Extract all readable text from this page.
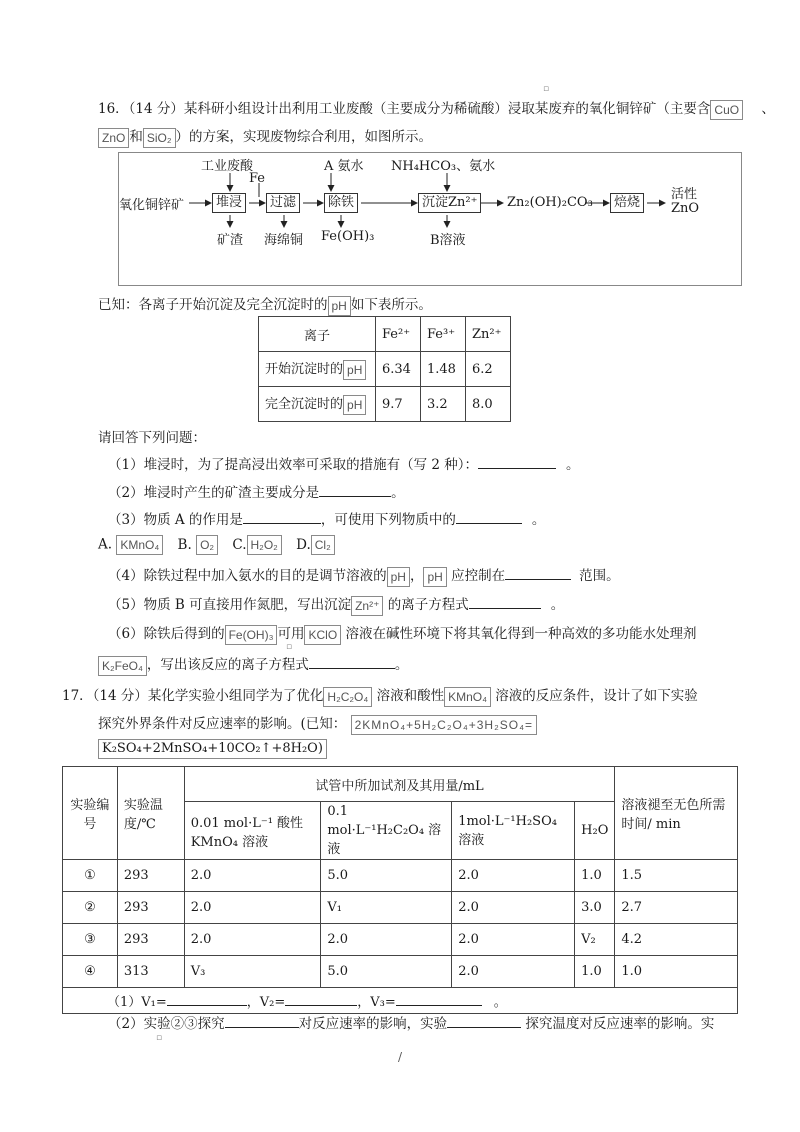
16．（14 分）某科研小组设计出利用工业废酸（主要成分为稀硫酸）浸取某废弃的氧化铜锌矿（主要含 CuO 、
▫
ZnO 和 SiO₂ ）的方案，实现废物综合利用，如图所示。
工业废酸
Fe
A 氨水 NH₄HCO₃、氨水
氧化铜锌矿	堆浸	过滤	除铁	沉淀Zn²⁺	Zn₂(OH)₂CO₃	焙烧
活性
ZnO
矿渣 海绵铜 Fe(OH)₃	B溶液
已知：各离子开始沉淀及完全沉淀时的 pH 如下表所示。
离子	Fe²⁺	Fe³⁺	Zn²⁺
开始沉淀时的 pH	6.34	1.48	6.2
完全沉淀时的 pH	9.7	3.2	8.0
请回答下列问题：
（1）堆浸时，为了提高浸出效率可采取的措施有（写 2 种）：	。
（2）堆浸时产生的矿渣主要成分是	。
（3）物质 A 的作用是	，可使用下列物质中的	。
A. KMnO₄ B. O₂ C. H₂O₂ D. Cl₂
（4）除铁过程中加入氨水的目的是调节溶液的 pH ， pH 应控制在	范围。
（5）物质 B 可直接用作氮肥，写出沉淀 Zn²⁺ 的离子方程式	。
（6）除铁后得到的 Fe(OH)₃ 可用 KClO 溶液在碱性环境下将其氧化得到一种高效的多功能水处理剂
▫
K₂FeO₄ ，写出该反应的离子方程式	。
17．（14 分）某化学实验小组同学为了优化 H₂C₂O₄ 溶液和酸性 KMnO₄ 溶液的反应条件，设计了如下实验
探究外界条件对反应速率的影响。(已知： 2KMnO₄+5H₂C₂O₄+3H₂SO₄=
K₂SO₄+2MnSO₄+10CO₂↑+8H₂O)
实验编号	实验温度/℃	试管中所加试剂及其用量/mL				溶液褪至无色所需时间/ min
		0.01 mol·L⁻¹ 酸性 KMnO₄ 溶液	0.1 mol·L⁻¹H₂C₂O₄ 溶液	1mol·L⁻¹H₂SO₄ 溶液	H₂O	
①	293	2.0	5.0	2.0	1.0	1.5
②	293	2.0	V₁	2.0	3.0	2.7
③	293	2.0	2.0	2.0	V₂	4.2
④	313	V₃	5.0	2.0	1.0	1.0
（1）V₁= ，V₂= ，V₃= 。						
（2）实验②③探究	对反应速率的影响，实验	探究温度对反应速率的影响。实
▫
/
